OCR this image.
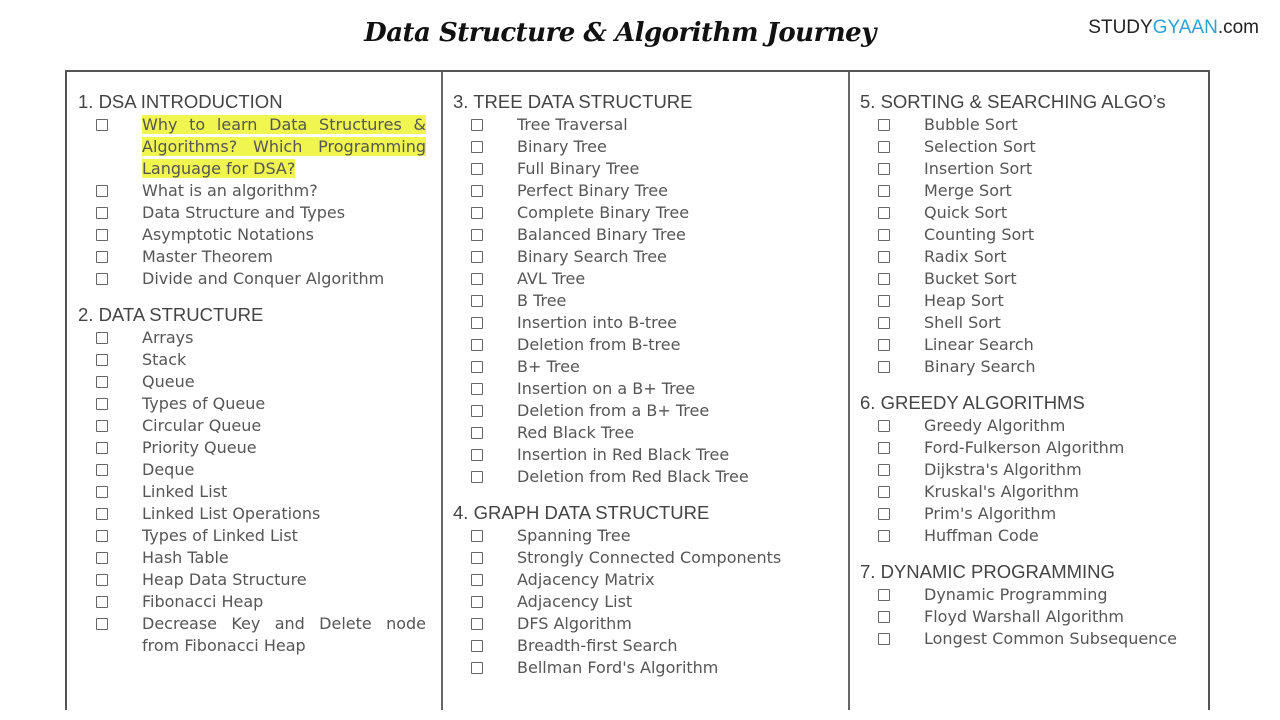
Data Structure & Algorithm Journey	STUDYGYAAN.com
1. DSA INTRODUCTION
Why to learn Data Structures & Algorithms? Which Programming Language for DSA?
What is an algorithm?
Data Structure and Types
Asymptotic Notations
Master Theorem
Divide and Conquer Algorithm
2. DATA STRUCTURE
Arrays
Stack
Queue
Types of Queue
Circular Queue
Priority Queue
Deque
Linked List
Linked List Operations
Types of Linked List
Hash Table
Heap Data Structure
Fibonacci Heap
Decrease Key and Delete node from Fibonacci Heap
3. TREE DATA STRUCTURE
Tree Traversal
Binary Tree
Full Binary Tree
Perfect Binary Tree
Complete Binary Tree
Balanced Binary Tree
Binary Search Tree
AVL Tree
B Tree
Insertion into B-tree
Deletion from B-tree
B+ Tree
Insertion on a B+ Tree
Deletion from a B+ Tree
Red Black Tree
Insertion in Red Black Tree
Deletion from Red Black Tree
4. GRAPH DATA STRUCTURE
Spanning Tree
Strongly Connected Components
Adjacency Matrix
Adjacency List
DFS Algorithm
Breadth-first Search
Bellman Ford's Algorithm
5. SORTING & SEARCHING ALGO’s
Bubble Sort
Selection Sort
Insertion Sort
Merge Sort
Quick Sort
Counting Sort
Radix Sort
Bucket Sort
Heap Sort
Shell Sort
Linear Search
Binary Search
6. GREEDY ALGORITHMS
Greedy Algorithm
Ford-Fulkerson Algorithm
Dijkstra's Algorithm
Kruskal's Algorithm
Prim's Algorithm
Huffman Code
7. DYNAMIC PROGRAMMING
Dynamic Programming
Floyd Warshall Algorithm
Longest Common Subsequence
